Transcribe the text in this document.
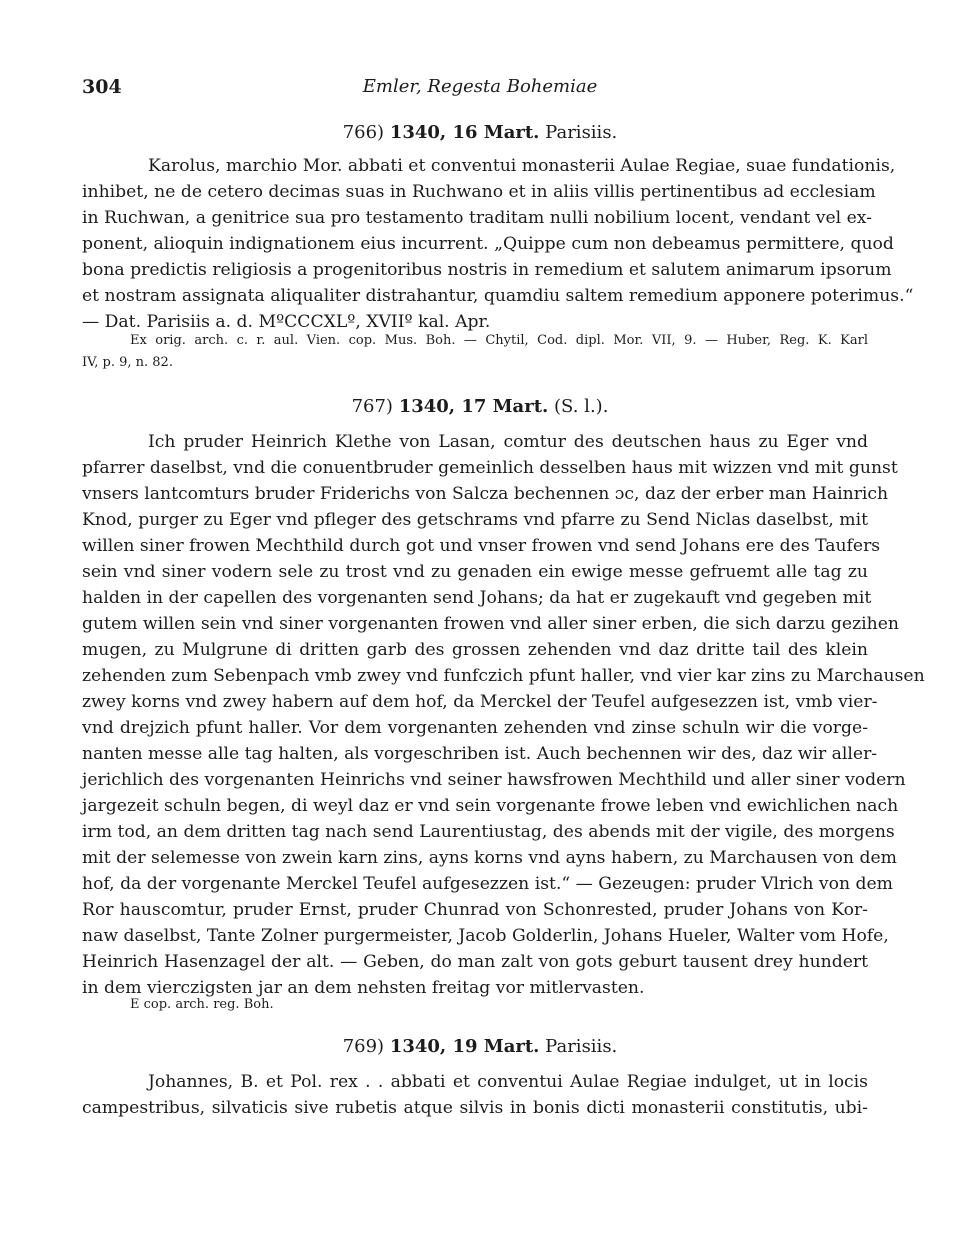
304	Emler, Regesta Bohemiae
766) 1340, 16 Mart. Parisiis.
Karolus, marchio Mor. abbati et conventui monasterii Aulae Regiae, suae fundationis,
inhibet, ne de cetero decimas suas in Ruchwano et in aliis villis pertinentibus ad ecclesiam
in Ruchwan, a genitrice sua pro testamento traditam nulli nobilium locent, vendant vel ex-
ponent, alioquin indignationem eius incurrent. „Quippe cum non debeamus permittere, quod
bona predictis religiosis a progenitoribus nostris in remedium et salutem animarum ipsorum
et nostram assignata aliqualiter distrahantur, quamdiu saltem remedium apponere poterimus.“
— Dat. Parisiis a. d. MºCCCXLº, XVIIº kal. Apr.
Ex orig. arch. c. r. aul. Vien. cop. Mus. Boh. — Chytil, Cod. dipl. Mor. VII, 9. — Huber, Reg. K. Karl
IV, p. 9, n. 82.
767) 1340, 17 Mart. (S. l.).
Ich pruder Heinrich Klethe von Lasan, comtur des deutschen haus zu Eger vnd
pfarrer daselbst, vnd die conuentbruder gemeinlich desselben haus mit wizzen vnd mit gunst
vnsers lantcomturs bruder Friderichs von Salcza bechennen ɔc, daz der erber man Hainrich
Knod, purger zu Eger vnd pfleger des getschrams vnd pfarre zu Send Niclas daselbst, mit
willen siner frowen Mechthild durch got und vnser frowen vnd send Johans ere des Taufers
sein vnd siner vodern sele zu trost vnd zu genaden ein ewige messe gefruemt alle tag zu
halden in der capellen des vorgenanten send Johans; da hat er zugekauft vnd gegeben mit
gutem willen sein vnd siner vorgenanten frowen vnd aller siner erben, die sich darzu gezihen
mugen, zu Mulgrune di dritten garb des grossen zehenden vnd daz dritte tail des klein
zehenden zum Sebenpach vmb zwey vnd funfczich pfunt haller, vnd vier kar zins zu Marchausen
zwey korns vnd zwey habern auf dem hof, da Merckel der Teufel aufgesezzen ist, vmb vier-
vnd drejzich pfunt haller. Vor dem vorgenanten zehenden vnd zinse schuln wir die vorge-
nanten messe alle tag halten, als vorgeschriben ist. Auch bechennen wir des, daz wir aller-
jerichlich des vorgenanten Heinrichs vnd seiner hawsfrowen Mechthild und aller siner vodern
jargezeit schuln begen, di weyl daz er vnd sein vorgenante frowe leben vnd ewichlichen nach
irm tod, an dem dritten tag nach send Laurentiustag, des abends mit der vigile, des morgens
mit der selemesse von zwein karn zins, ayns korns vnd ayns habern, zu Marchausen von dem
hof, da der vorgenante Merckel Teufel aufgesezzen ist.“ — Gezeugen: pruder Vlrich von dem
Ror hauscomtur, pruder Ernst, pruder Chunrad von Schonrested, pruder Johans von Kor-
naw daselbst, Tante Zolner purgermeister, Jacob Golderlin, Johans Hueler, Walter vom Hofe,
Heinrich Hasenzagel der alt. — Geben, do man zalt von gots geburt tausent drey hundert
in dem vierczigsten jar an dem nehsten freitag vor mitlervasten.
E cop. arch. reg. Boh.
769) 1340, 19 Mart. Parisiis.
Johannes, B. et Pol. rex . . abbati et conventui Aulae Regiae indulget, ut in locis
campestribus, silvaticis sive rubetis atque silvis in bonis dicti monasterii constitutis, ubi-
